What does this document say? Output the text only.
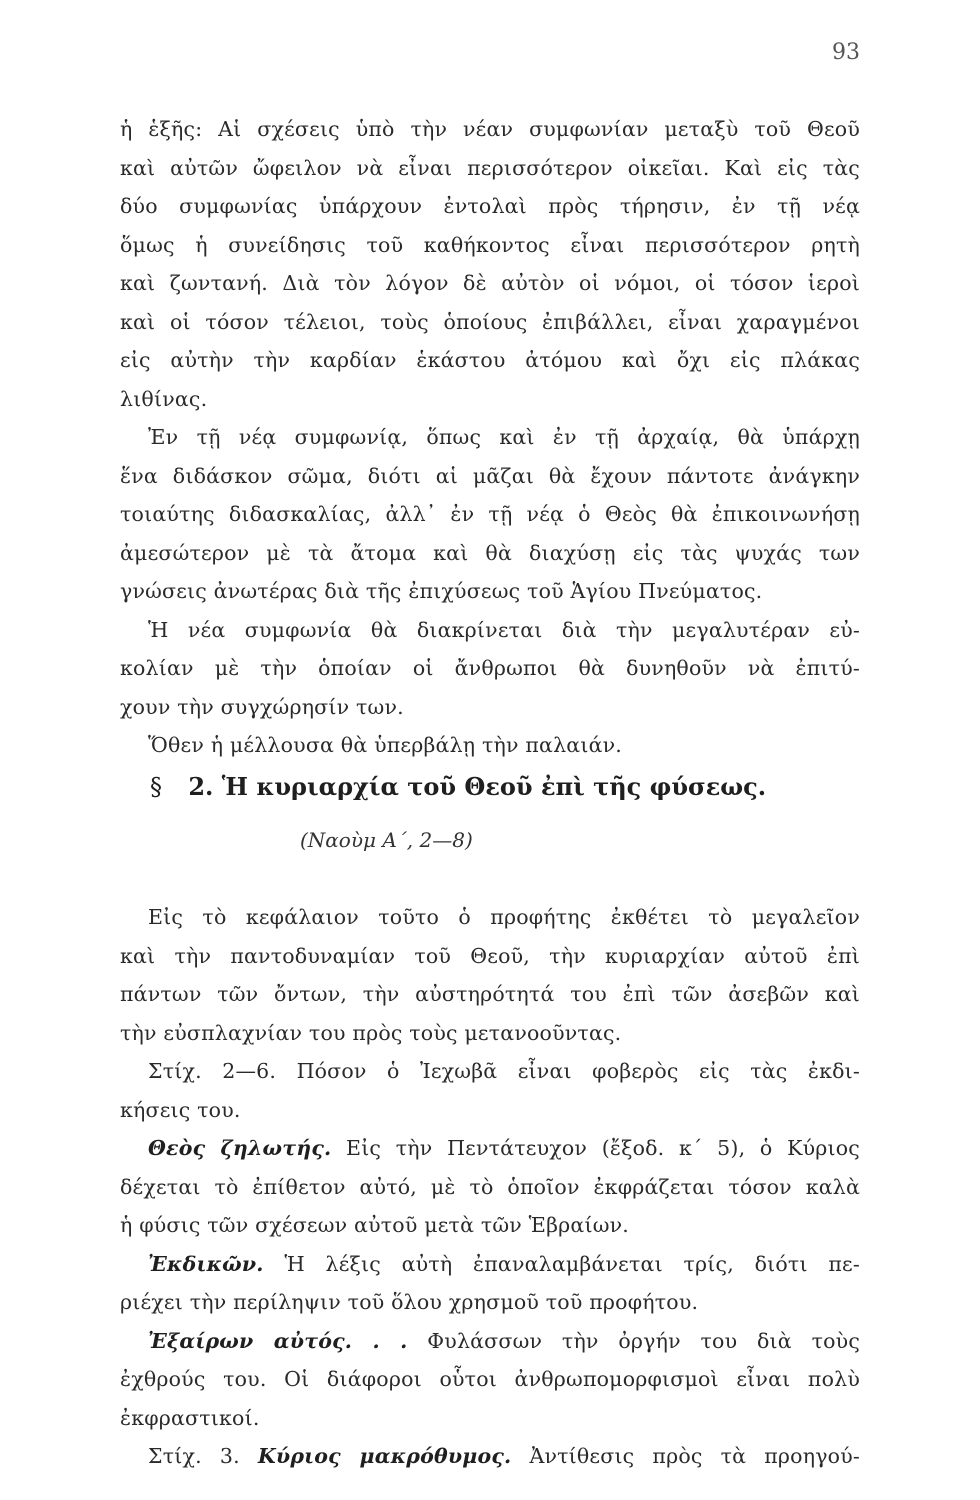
93
ἡ ἑξῆς: Αἱ σχέσεις ὑπὸ τὴν νέαν συμφωνίαν μεταξὺ τοῦ Θεοῦ
καὶ αὐτῶν ὤφειλον νὰ εἶναι περισσότερον οἰκεῖαι. Καὶ εἰς τὰς
δύο συμφωνίας ὑπάρχουν ἐντολαὶ πρὸς τήρησιν, ἐν τῇ νέᾳ
ὅμως ἡ συνείδησις τοῦ καθήκοντος εἶναι περισσότερον ρητὴ
καὶ ζωντανή. Διὰ τὸν λόγον δὲ αὐτὸν οἱ νόμοι, οἱ τόσον ἱεροὶ
καὶ οἱ τόσον τέλειοι, τοὺς ὁποίους ἐπιβάλλει, εἶναι χαραγμένοι
εἰς αὐτὴν τὴν καρδίαν ἑκάστου ἀτόμου καὶ ὄχι εἰς πλάκας
λιθίνας.
Ἐν τῇ νέᾳ συμφωνίᾳ, ὅπως καὶ ἐν τῇ ἀρχαίᾳ, θὰ ὑπάρχῃ
ἕνα διδάσκον σῶμα, διότι αἱ μᾶζαι θὰ ἔχουν πάντοτε ἀνάγκην
τοιαύτης διδασκαλίας, ἀλλ᾽ ἐν τῇ νέᾳ ὁ Θεὸς θὰ ἐπικοινωνήσῃ
ἀμεσώτερον μὲ τὰ ἄτομα καὶ θὰ διαχύσῃ εἰς τὰς ψυχάς των
γνώσεις ἀνωτέρας διὰ τῆς ἐπιχύσεως τοῦ Ἁγίου Πνεύματος.
Ἡ νέα συμφωνία θὰ διακρίνεται διὰ τὴν μεγαλυτέραν εὐ-
κολίαν μὲ τὴν ὁποίαν οἱ ἄνθρωποι θὰ δυνηθοῦν νὰ ἐπιτύ-
χουν τὴν συγχώρησίν των.
Ὅθεν ἡ μέλλουσα θὰ ὑπερβάλῃ τὴν παλαιάν.
§ 2. Ἡ κυριαρχία τοῦ Θεοῦ ἐπὶ τῆς φύσεως.
(Ναοὺμ Α΄, 2—8)
Εἰς τὸ κεφάλαιον τοῦτο ὁ προφήτης ἐκθέτει τὸ μεγαλεῖον
καὶ τὴν παντοδυναμίαν τοῦ Θεοῦ, τὴν κυριαρχίαν αὐτοῦ ἐπὶ
πάντων τῶν ὄντων, τὴν αὐστηρότητά του ἐπὶ τῶν ἀσεβῶν καὶ
τὴν εὐσπλαχνίαν του πρὸς τοὺς μετανοοῦντας.
Στίχ. 2—6. Πόσον ὁ Ἰεχωβᾶ εἶναι φοβερὸς εἰς τὰς ἐκδι-
κήσεις του.
Θεὸς ζηλωτής. Εἰς τὴν Πεντάτευχον (ἔξοδ. κ΄ 5), ὁ Κύριος
δέχεται τὸ ἐπίθετον αὐτό, μὲ τὸ ὁποῖον ἐκφράζεται τόσον καλὰ
ἡ φύσις τῶν σχέσεων αὐτοῦ μετὰ τῶν Ἑβραίων.
Ἐκδικῶν. Ἡ λέξις αὐτὴ ἐπαναλαμβάνεται τρίς, διότι πε-
ριέχει τὴν περίληψιν τοῦ ὅλου χρησμοῦ τοῦ προφήτου.
Ἐξαίρων αὐτός. . . Φυλάσσων τὴν ὀργήν του διὰ τοὺς
ἐχθρούς του. Οἱ διάφοροι οὗτοι ἀνθρωπομορφισμοὶ εἶναι πολὺ
ἐκφραστικοί.
Στίχ. 3. Κύριος μακρόθυμος. Ἀντίθεσις πρὸς τὰ προηγού-
